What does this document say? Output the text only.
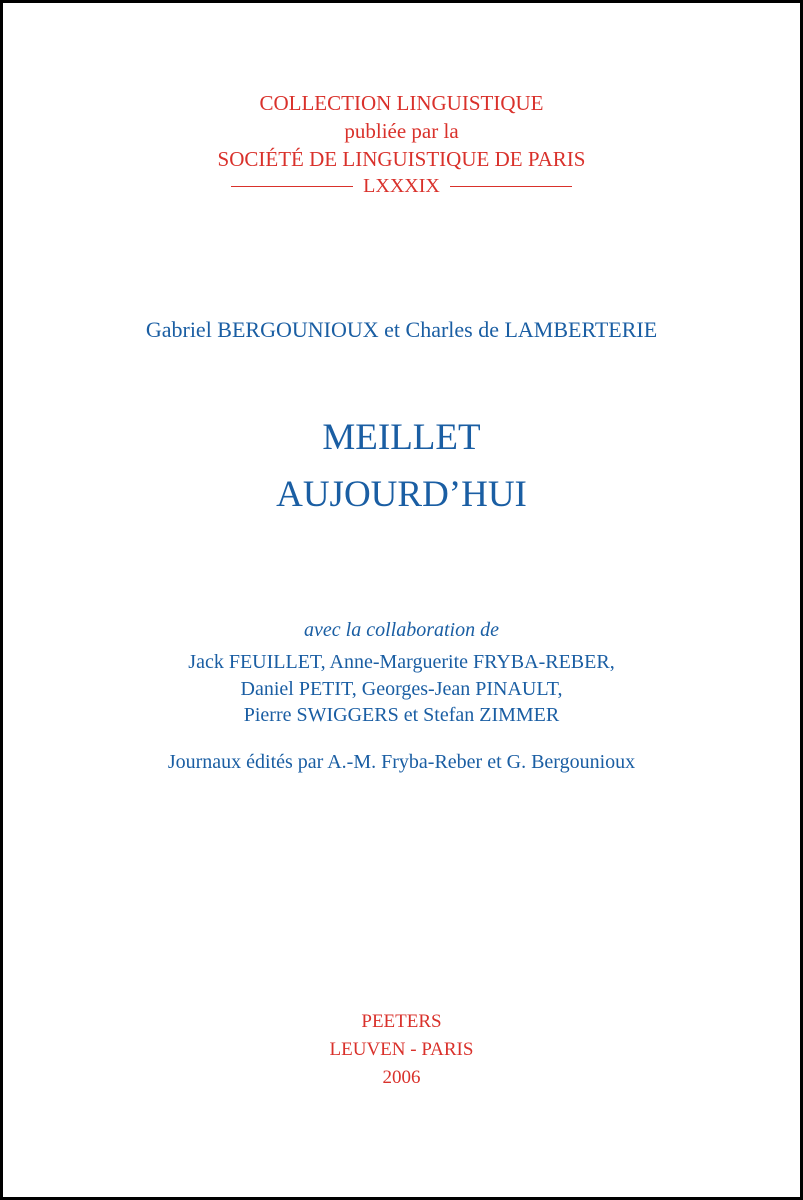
COLLECTION LINGUISTIQUE
publiée par la
SOCIÉTÉ DE LINGUISTIQUE DE PARIS
LXXXIX
Gabriel BERGOUNIOUX et Charles de LAMBERTERIE
MEILLET
AUJOURD’HUI
avec la collaboration de
Jack FEUILLET, Anne-Marguerite FRYBA-REBER,
Daniel PETIT, Georges-Jean PINAULT,
Pierre SWIGGERS et Stefan ZIMMER
Journaux édités par A.-M. Fryba-Reber et G. Bergounioux
PEETERS
LEUVEN - PARIS
2006
